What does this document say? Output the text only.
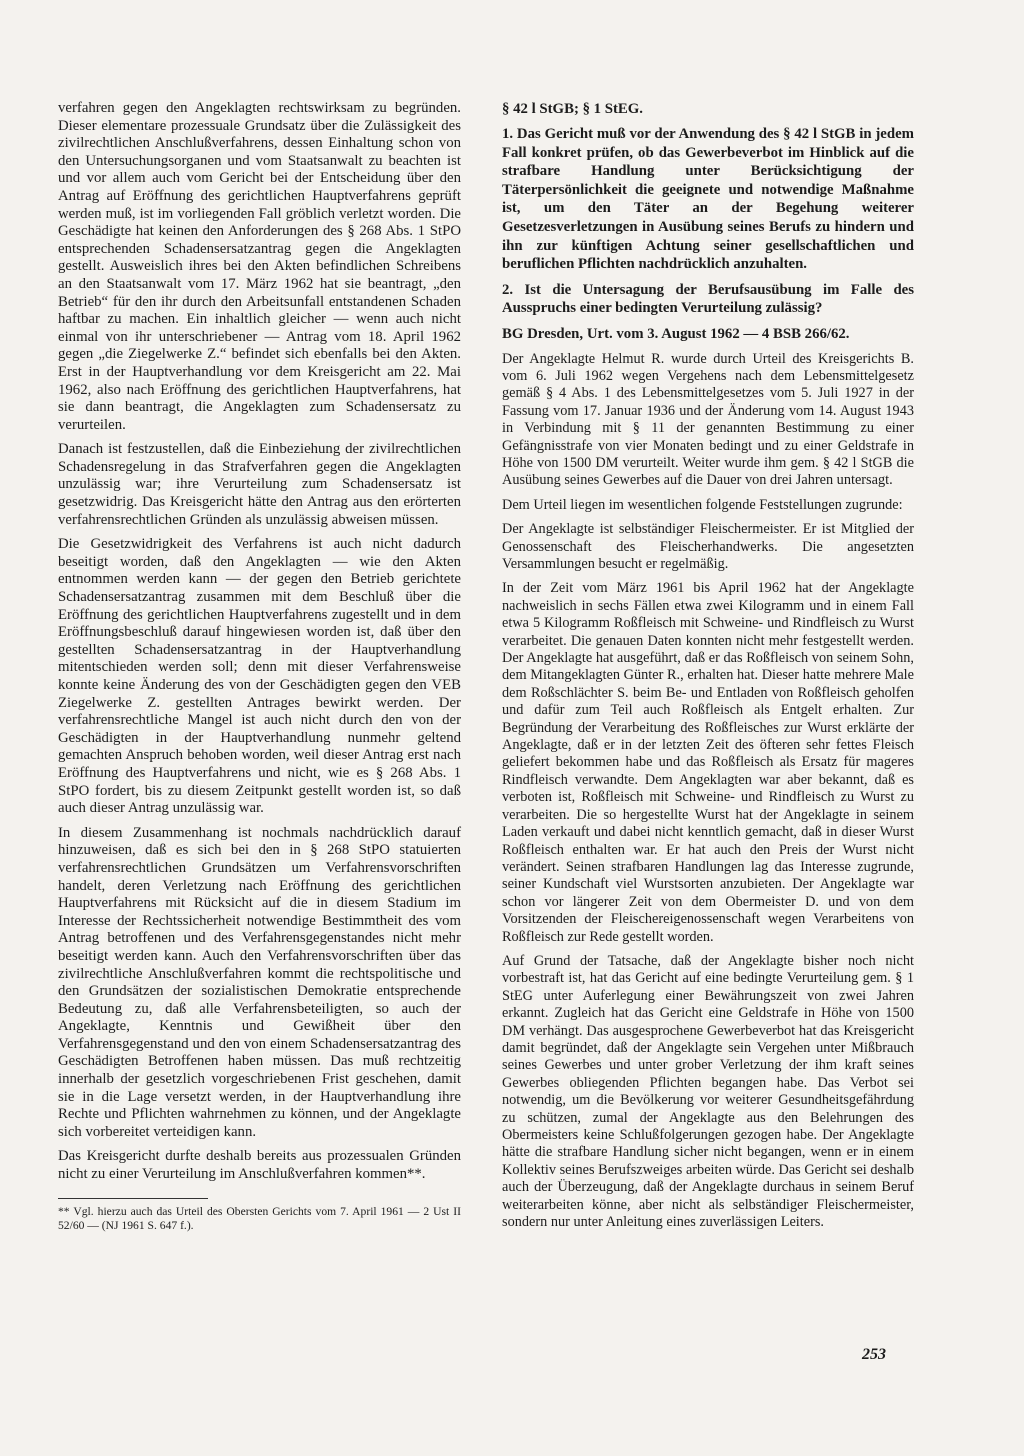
verfahren gegen den Angeklagten rechtswirksam zu begründen. Dieser elementare prozessuale Grundsatz über die Zulässigkeit des zivilrechtlichen Anschlußverfahrens, dessen Einhaltung schon von den Untersuchungsorganen und vom Staatsanwalt zu beachten ist und vor allem auch vom Gericht bei der Entscheidung über den Antrag auf Eröffnung des gerichtlichen Hauptverfahrens geprüft werden muß, ist im vorliegenden Fall gröblich verletzt worden. Die Geschädigte hat keinen den Anforderungen des § 268 Abs. 1 StPO entsprechenden Schadensersatzantrag gegen die Angeklagten gestellt. Ausweislich ihres bei den Akten befindlichen Schreibens an den Staatsanwalt vom 17. März 1962 hat sie beantragt, „den Betrieb“ für den ihr durch den Arbeitsunfall entstandenen Schaden haftbar zu machen. Ein inhaltlich gleicher — wenn auch nicht einmal von ihr unterschriebener — Antrag vom 18. April 1962 gegen „die Ziegelwerke Z.“ befindet sich ebenfalls bei den Akten. Erst in der Hauptverhandlung vor dem Kreisgericht am 22. Mai 1962, also nach Eröffnung des gerichtlichen Hauptverfahrens, hat sie dann beantragt, die Angeklagten zum Schadensersatz zu verurteilen.

Danach ist festzustellen, daß die Einbeziehung der zivilrechtlichen Schadensregelung in das Strafverfahren gegen die Angeklagten unzulässig war; ihre Verurteilung zum Schadensersatz ist gesetzwidrig. Das Kreisgericht hätte den Antrag aus den erörterten verfahrensrechtlichen Gründen als unzulässig abweisen müssen.

Die Gesetzwidrigkeit des Verfahrens ist auch nicht dadurch beseitigt worden, daß den Angeklagten — wie den Akten entnommen werden kann — der gegen den Betrieb gerichtete Schadensersatzantrag zusammen mit dem Beschluß über die Eröffnung des gerichtlichen Hauptverfahrens zugestellt und in dem Eröffnungsbeschluß darauf hingewiesen worden ist, daß über den gestellten Schadensersatzantrag in der Hauptverhandlung mitentschieden werden soll; denn mit dieser Verfahrensweise konnte keine Änderung des von der Geschädigten gegen den VEB Ziegelwerke Z. gestellten Antrages bewirkt werden. Der verfahrensrechtliche Mangel ist auch nicht durch den von der Geschädigten in der Hauptverhandlung nunmehr geltend gemachten Anspruch behoben worden, weil dieser Antrag erst nach Eröffnung des Hauptverfahrens und nicht, wie es § 268 Abs. 1 StPO fordert, bis zu diesem Zeitpunkt gestellt worden ist, so daß auch dieser Antrag unzulässig war.

In diesem Zusammenhang ist nochmals nachdrücklich darauf hinzuweisen, daß es sich bei den in § 268 StPO statuierten verfahrensrechtlichen Grundsätzen um Verfahrensvorschriften handelt, deren Verletzung nach Eröffnung des gerichtlichen Hauptverfahrens mit Rücksicht auf die in diesem Stadium im Interesse der Rechtssicherheit notwendige Bestimmtheit des vom Antrag betroffenen und des Verfahrensgegenstandes nicht mehr beseitigt werden kann. Auch den Verfahrensvorschriften über das zivilrechtliche Anschlußverfahren kommt die rechtspolitische und den Grundsätzen der sozialistischen Demokratie entsprechende Bedeutung zu, daß alle Verfahrensbeteiligten, so auch der Angeklagte, Kenntnis und Gewißheit über den Verfahrensgegenstand und den von einem Schadensersatzantrag des Geschädigten Betroffenen haben müssen. Das muß rechtzeitig innerhalb der gesetzlich vorgeschriebenen Frist geschehen, damit sie in die Lage versetzt werden, in der Hauptverhandlung ihre Rechte und Pflichten wahrnehmen zu können, und der Angeklagte sich vorbereitet verteidigen kann.

Das Kreisgericht durfte deshalb bereits aus prozessualen Gründen nicht zu einer Verurteilung im Anschlußverfahren kommen**.

** Vgl. hierzu auch das Urteil des Obersten Gerichts vom 7. April 1961 — 2 Ust II 52/60 — (NJ 1961 S. 647 f.).

§ 42 l StGB; § 1 StEG.

1. Das Gericht muß vor der Anwendung des § 42 l StGB in jedem Fall konkret prüfen, ob das Gewerbeverbot im Hinblick auf die strafbare Handlung unter Berücksichtigung der Täterpersönlichkeit die geeignete und notwendige Maßnahme ist, um den Täter an der Begehung weiterer Gesetzesverletzungen in Ausübung seines Berufs zu hindern und ihn zur künftigen Achtung seiner gesellschaftlichen und beruflichen Pflichten nachdrücklich anzuhalten.

2. Ist die Untersagung der Berufsausübung im Falle des Ausspruchs einer bedingten Verurteilung zulässig?

BG Dresden, Urt. vom 3. August 1962 — 4 BSB 266/62.

Der Angeklagte Helmut R. wurde durch Urteil des Kreisgerichts B. vom 6. Juli 1962 wegen Vergehens nach dem Lebensmittelgesetz gemäß § 4 Abs. 1 des Lebensmittelgesetzes vom 5. Juli 1927 in der Fassung vom 17. Januar 1936 und der Änderung vom 14. August 1943 in Verbindung mit § 11 der genannten Bestimmung zu einer Gefängnisstrafe von vier Monaten bedingt und zu einer Geldstrafe in Höhe von 1500 DM verurteilt. Weiter wurde ihm gem. § 42 l StGB die Ausübung seines Gewerbes auf die Dauer von drei Jahren untersagt.

Dem Urteil liegen im wesentlichen folgende Feststellungen zugrunde:

Der Angeklagte ist selbständiger Fleischermeister. Er ist Mitglied der Genossenschaft des Fleischerhandwerks. Die angesetzten Versammlungen besucht er regelmäßig.

In der Zeit vom März 1961 bis April 1962 hat der Angeklagte nachweislich in sechs Fällen etwa zwei Kilogramm und in einem Fall etwa 5 Kilogramm Roßfleisch mit Schweine- und Rindfleisch zu Wurst verarbeitet. Die genauen Daten konnten nicht mehr festgestellt werden. Der Angeklagte hat ausgeführt, daß er das Roßfleisch von seinem Sohn, dem Mitangeklagten Günter R., erhalten hat. Dieser hatte mehrere Male dem Roßschlächter S. beim Be- und Entladen von Roßfleisch geholfen und dafür zum Teil auch Roßfleisch als Entgelt erhalten. Zur Begründung der Verarbeitung des Roßfleisches zur Wurst erklärte der Angeklagte, daß er in der letzten Zeit des öfteren sehr fettes Fleisch geliefert bekommen habe und das Roßfleisch als Ersatz für mageres Rindfleisch verwandte. Dem Angeklagten war aber bekannt, daß es verboten ist, Roßfleisch mit Schweine- und Rindfleisch zu Wurst zu verarbeiten. Die so hergestellte Wurst hat der Angeklagte in seinem Laden verkauft und dabei nicht kenntlich gemacht, daß in dieser Wurst Roßfleisch enthalten war. Er hat auch den Preis der Wurst nicht verändert. Seinen strafbaren Handlungen lag das Interesse zugrunde, seiner Kundschaft viel Wurstsorten anzubieten. Der Angeklagte war schon vor längerer Zeit von dem Obermeister D. und von dem Vorsitzenden der Fleischereigenossenschaft wegen Verarbeitens von Roßfleisch zur Rede gestellt worden.

Auf Grund der Tatsache, daß der Angeklagte bisher noch nicht vorbestraft ist, hat das Gericht auf eine bedingte Verurteilung gem. § 1 StEG unter Auferlegung einer Bewährungszeit von zwei Jahren erkannt. Zugleich hat das Gericht eine Geldstrafe in Höhe von 1500 DM verhängt. Das ausgesprochene Gewerbeverbot hat das Kreisgericht damit begründet, daß der Angeklagte sein Vergehen unter Mißbrauch seines Gewerbes und unter grober Verletzung der ihm kraft seines Gewerbes obliegenden Pflichten begangen habe. Das Verbot sei notwendig, um die Bevölkerung vor weiterer Gesundheitsgefährdung zu schützen, zumal der Angeklagte aus den Belehrungen des Obermeisters keine Schlußfolgerungen gezogen habe. Der Angeklagte hätte die strafbare Handlung sicher nicht begangen, wenn er in einem Kollektiv seines Berufszweiges arbeiten würde. Das Gericht sei deshalb auch der Überzeugung, daß der Angeklagte durchaus in seinem Beruf weiterarbeiten könne, aber nicht als selbständiger Fleischermeister, sondern nur unter Anleitung eines zuverlässigen Leiters.

253
